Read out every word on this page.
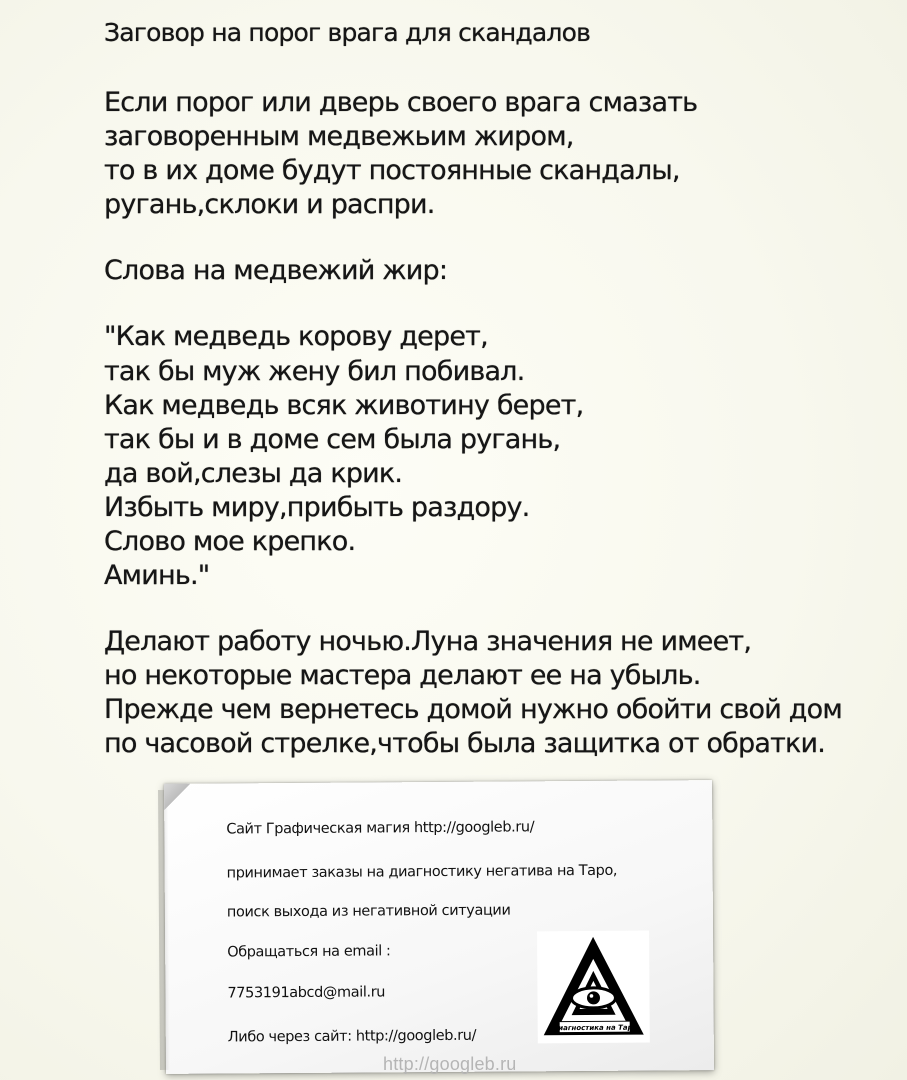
Заговор на порог врага для скандалов
Если порог или дверь своего врага смазать
заговоренным медвежьим жиром,
то в их доме будут постоянные скандалы,
ругань,склоки и распри.
Слова на медвежий жир:
"Как медведь корову дерет,
так бы муж жену бил побивал.
Как медведь всяк животину берет,
так бы и в доме сем была ругань,
да вой,слезы да крик.
Избыть миру,прибыть раздору.
Слово мое крепко.
Аминь."
Делают работу ночью.Луна значения не имеет,
но некоторые мастера делают ее на убыль.
Прежде чем вернетесь домой нужно обойти свой дом
по часовой стрелке,чтобы была защитка от обратки.
Сайт Графическая магия http://googleb.ru/
принимает заказы на диагностику негатива на Таро,
поиск выхода из негативной ситуации
Обращаться на email :
7753191abcd@mail.ru
Либо через сайт: http://googleb.ru/	Диагностика на Таро
http://googleb.ru
